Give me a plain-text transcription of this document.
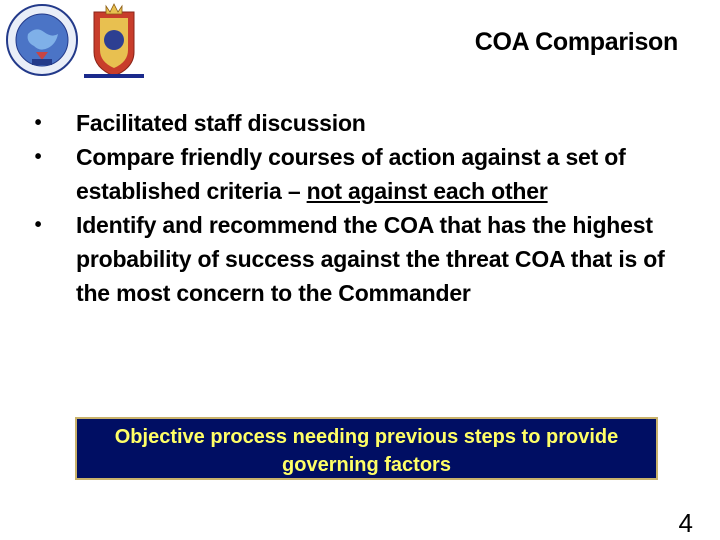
COA Comparison
•	Facilitated staff discussion
•	Compare friendly courses of action against a set of established criteria – not against each other
•	Identify and recommend the COA that has the highest probability of success against the threat COA that is of the most concern to the Commander
Objective process needing previous steps to provide
governing factors
4
